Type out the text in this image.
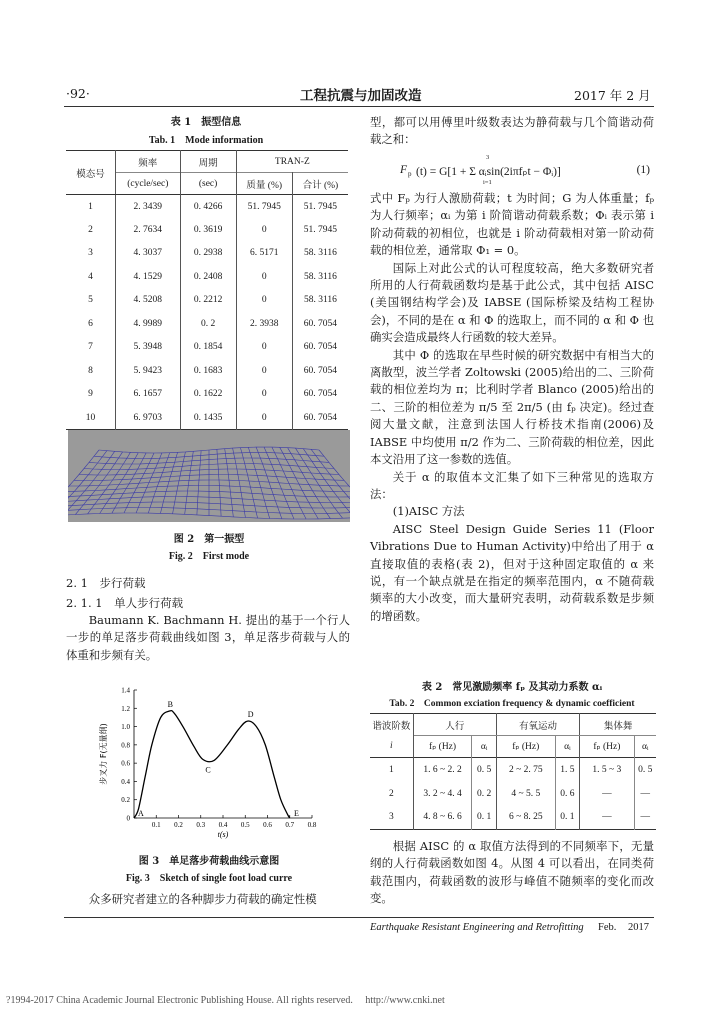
·92·	工程抗震与加固改造	2017 年 2 月
表 1　振型信息
Tab. 1　Mode information
模态号	频率	周期	TRAN-Z	
	(cycle/sec)	(sec)	质量 (%)	合计 (%)
1	2. 3439	0. 4266	51. 7945	51. 7945
2	2. 7634	0. 3619	0	51. 7945
3	4. 3037	0. 2938	6. 5171	58. 3116
4	4. 1529	0. 2408	0	58. 3116
5	4. 5208	0. 2212	0	58. 3116
6	4. 9989	0. 2	2. 3938	60. 7054
7	5. 3948	0. 1854	0	60. 7054
8	5. 9423	0. 1683	0	60. 7054
9	6. 1657	0. 1622	0	60. 7054
10	6. 9703	0. 1435	0	60. 7054
图 2　第一振型
Fig. 2　First mode
2. 1　步行荷载
2. 1. 1　单人步行荷载

Baumann K. Bachmann H. 提出的基于一个行人一步的单足落步荷载曲线如图 3，单足落步荷载与人的体重和步频有关。

0.1 0.2 0.3 0.4 0.5 0.6 0.7 0.8
0
0.2
0.4
0.6
0.8
1.0
1.2
1.4
A
B
C
D
E
t(s)
步叉力 F(无量纲)
图 3　单足落步荷载曲线示意图
Fig. 3　Sketch of single foot load curre

众多研究者建立的各种脚步力荷载的确定性模

型，都可以用傅里叶级数表达为静荷载与几个简谐动荷载之和：

F p (t) = G[1 + Σ αᵢsin(2iπfₚt − Φᵢ)]
3
i=1
(1)

式中 Fₚ 为行人激励荷载；t 为时间；G 为人体重量；fₚ 为人行频率；αᵢ 为第 i 阶简谐动荷载系数；Φᵢ 表示第 i 阶动荷载的初相位，也就是 i 阶动荷载相对第一阶动荷载的相位差，通常取 Φ₁ = 0。

国际上对此公式的认可程度较高，绝大多数研究者所用的人行荷载函数均是基于此公式，其中包括 AISC (美国钢结构学会)及 IABSE (国际桥梁及结构工程协会)，不同的是在 α 和 Φ 的选取上，而不同的 α 和 Φ 也确实会造成最终人行函数的较大差异。

其中 Φ 的选取在早些时候的研究数据中有相当大的离散型，波兰学者 Zoltowski (2005)给出的二、三阶荷载的相位差均为 π；比利时学者 Blanco (2005)给出的二、三阶的相位差为 π/5 至 2π/5 (由 fₚ 决定)。经过查阅大量文献，注意到法国人行桥技术指南(2006)及 IABSE 中均使用 π/2 作为二、三阶荷载的相位差，因此本文沿用了这一参数的选值。

关于 α 的取值本文汇集了如下三种常见的选取方法：

(1)AISC 方法

AISC Steel Design Guide Series 11 (Floor Vibrations Due to Human Activity)中给出了用于 α 直接取值的表格(表 2)，但对于这种固定取值的 α 来说，有一个缺点就是在指定的频率范围内，α 不随荷载频率的大小改变，而大量研究表明，动荷载系数是步频的增函数。

表 2　常见激励频率 fₚ 及其动力系数 αᵢ
Tab. 2　Common exciation frequency & dynamic coefficient
谐波阶数	人行		有氧运动		集体舞	
i	fₚ (Hz)	αᵢ	fₚ (Hz)	αᵢ	fₚ (Hz)	αᵢ
1	1. 6 ~ 2. 2	0. 5	2 ~ 2. 75	1. 5	1. 5 ~ 3	0. 5
2	3. 2 ~ 4. 4	0. 2	4 ~ 5. 5	0. 6	—	—
3	4. 8 ~ 6. 6	0. 1	6 ~ 8. 25	0. 1	—	—

根据 AISC 的 α 取值方法得到的不同频率下，无量纲的人行荷载函数如图 4。从图 4 可以看出，在同类荷载范围内，荷载函数的波形与峰值不随频率的变化而改变。

Earthquake Resistant Engineering and Retrofitting Feb. 2017
?1994-2017 China Academic Journal Electronic Publishing House. All rights reserved.　 http://www.cnki.net
